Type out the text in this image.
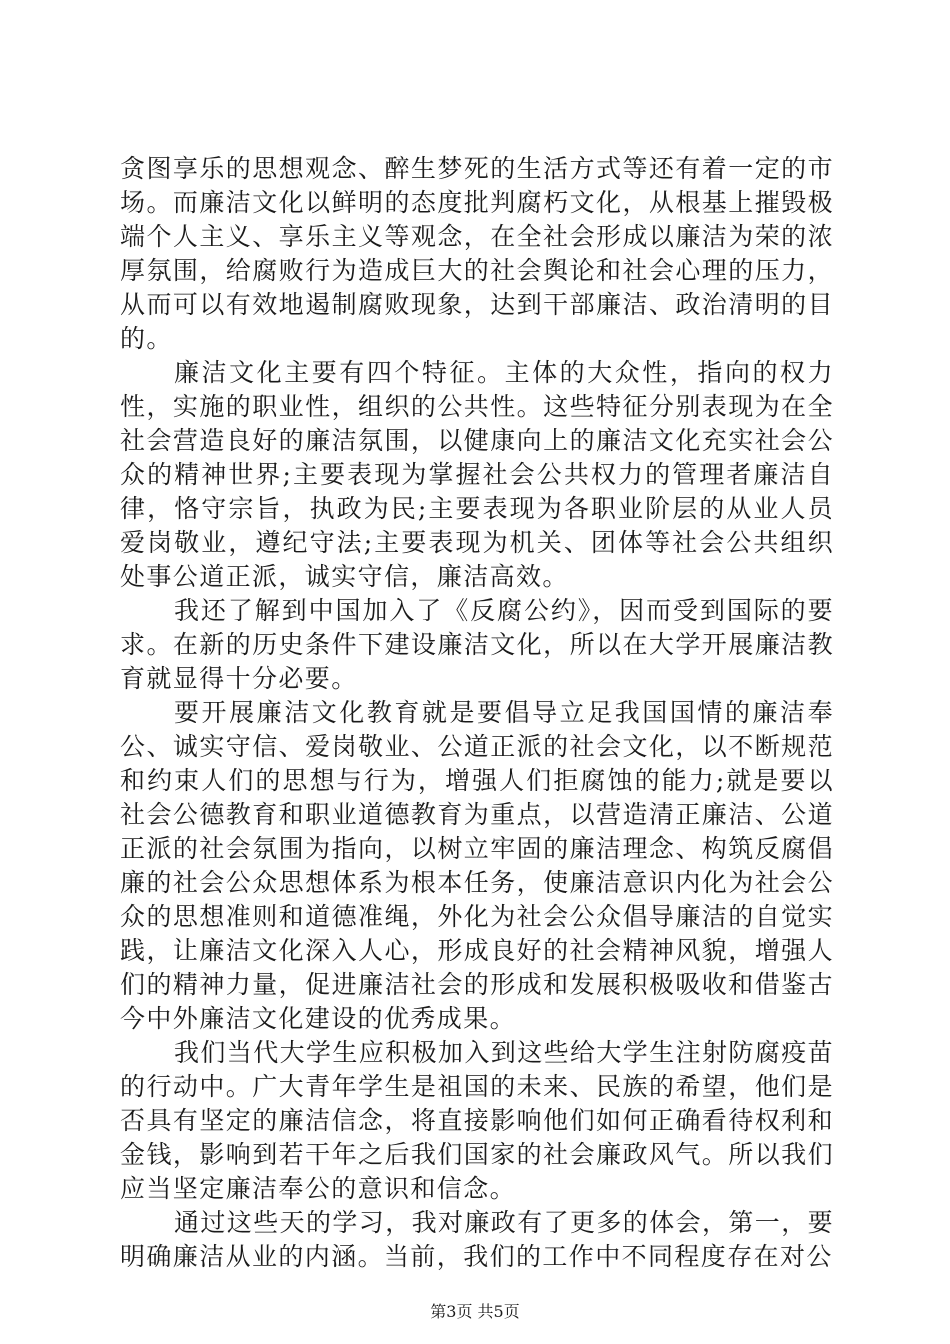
贪图享乐的思想观念、醉生梦死的生活方式等还有着一定的市场。而廉洁文化以鲜明的态度批判腐朽文化，从根基上摧毁极端个人主义、享乐主义等观念，在全社会形成以廉洁为荣的浓厚氛围，给腐败行为造成巨大的社会舆论和社会心理的压力，从而可以有效地遏制腐败现象，达到干部廉洁、政治清明的目的。

廉洁文化主要有四个特征。主体的大众性，指向的权力性，实施的职业性，组织的公共性。这些特征分别表现为在全社会营造良好的廉洁氛围，以健康向上的廉洁文化充实社会公众的精神世界;主要表现为掌握社会公共权力的管理者廉洁自律，恪守宗旨，执政为民;主要表现为各职业阶层的从业人员爱岗敬业，遵纪守法;主要表现为机关、团体等社会公共组织处事公道正派，诚实守信，廉洁高效。

我还了解到中国加入了《反腐公约》，因而受到国际的要求。在新的历史条件下建设廉洁文化，所以在大学开展廉洁教育就显得十分必要。

要开展廉洁文化教育就是要倡导立足我国国情的廉洁奉公、诚实守信、爱岗敬业、公道正派的社会文化，以不断规范和约束人们的思想与行为，增强人们拒腐蚀的能力;就是要以社会公德教育和职业道德教育为重点，以营造清正廉洁、公道正派的社会氛围为指向，以树立牢固的廉洁理念、构筑反腐倡廉的社会公众思想体系为根本任务，使廉洁意识内化为社会公众的思想准则和道德准绳，外化为社会公众倡导廉洁的自觉实践，让廉洁文化深入人心，形成良好的社会精神风貌，增强人们的精神力量，促进廉洁社会的形成和发展积极吸收和借鉴古今中外廉洁文化建设的优秀成果。

我们当代大学生应积极加入到这些给大学生注射防腐疫苗的行动中。广大青年学生是祖国的未来、民族的希望，他们是否具有坚定的廉洁信念，将直接影响他们如何正确看待权利和金钱，影响到若干年之后我们国家的社会廉政风气。所以我们应当坚定廉洁奉公的意识和信念。

通过这些天的学习，我对廉政有了更多的体会，第一，要明确廉洁从业的内涵。当前，我们的工作中不同程度存在对公

第3页 共5页
